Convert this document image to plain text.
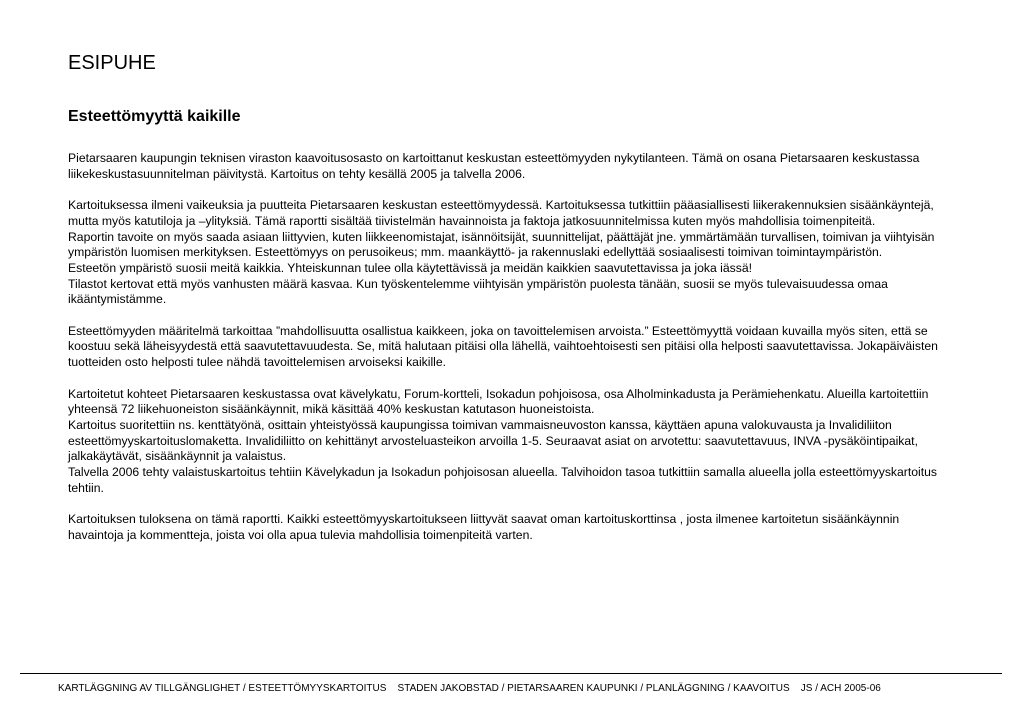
ESIPUHE
Esteettömyyttä kaikille

Pietarsaaren kaupungin teknisen viraston kaavoitusosasto on kartoittanut keskustan esteettömyyden nykytilanteen. Tämä on osana Pietarsaaren keskustassa liikekeskustasuunnitelman päivitystä. Kartoitus on tehty kesällä 2005 ja talvella 2006.

Kartoituksessa ilmeni vaikeuksia ja puutteita Pietarsaaren keskustan esteettömyydessä. Kartoituksessa tutkittiin pääasiallisesti liikerakennuksien sisäänkäyntejä, mutta myös katutiloja ja –ylityksiä. Tämä raportti sisältää tiivistelmän havainnoista ja faktoja jatkosuunnitelmissa kuten myös mahdollisia toimenpiteitä.

Raportin tavoite on myös saada asiaan liittyvien, kuten liikkeenomistajat, isännöitsijät, suunnittelijat, päättäjät jne. ymmärtämään turvallisen, toimivan ja viihtyisän ympäristön luomisen merkityksen. Esteettömyys on perusoikeus; mm. maankäyttö- ja rakennuslaki edellyttää sosiaalisesti toimivan toimintaympäristön.

Esteetön ympäristö suosii meitä kaikkia. Yhteiskunnan tulee olla käytettävissä ja meidän kaikkien saavutettavissa ja joka iässä!

Tilastot kertovat että myös vanhusten määrä kasvaa. Kun työskentelemme viihtyisän ympäristön puolesta tänään, suosii se myös tulevaisuudessa omaa ikääntymistämme.

Esteettömyyden määritelmä tarkoittaa ”mahdollisuutta osallistua kaikkeen, joka on tavoittelemisen arvoista.” Esteettömyyttä voidaan kuvailla myös siten, että se koostuu sekä läheisyydestä että saavutettavuudesta. Se, mitä halutaan pitäisi olla lähellä, vaihtoehtoisesti sen pitäisi olla helposti saavutettavissa. Jokapäiväisten tuotteiden osto helposti tulee nähdä tavoittelemisen arvoiseksi kaikille.

Kartoitetut kohteet Pietarsaaren keskustassa ovat kävelykatu, Forum-kortteli, Isokadun pohjoisosa, osa Alholminkadusta ja Perämiehenkatu. Alueilla kartoitettiin yhteensä 72 liikehuoneiston sisäänkäynnit, mikä käsittää 40% keskustan katutason huoneistoista.

Kartoitus suoritettiin ns. kenttätyönä, osittain yhteistyössä kaupungissa toimivan vammaisneuvoston kanssa, käyttäen apuna valokuvausta ja Invalidiliiton esteettömyyskartoituslomaketta. Invalidiliitto on kehittänyt arvosteluasteikon arvoilla 1-5. Seuraavat asiat on arvotettu: saavutettavuus, INVA -pysäköintipaikat, jalkakäytävät, sisäänkäynnit ja valaistus.

Talvella 2006 tehty valaistuskartoitus tehtiin Kävelykadun ja Isokadun pohjoisosan alueella. Talvihoidon tasoa tutkittiin samalla alueella jolla esteettömyyskartoitus tehtiin.

Kartoituksen tuloksena on tämä raportti. Kaikki esteettömyyskartoitukseen liittyvät saavat oman kartoituskorttinsa , josta ilmenee kartoitetun sisäänkäynnin havaintoja ja kommentteja, joista voi olla apua tulevia mahdollisia toimenpiteitä varten.

KARTLÄGGNING AV TILLGÄNGLIGHET / ESTEETTÖMYYSKARTOITUS    STADEN JAKOBSTAD / PIETARSAAREN KAUPUNKI / PLANLÄGGNING / KAAVOITUS    JS / ACH 2005-06
